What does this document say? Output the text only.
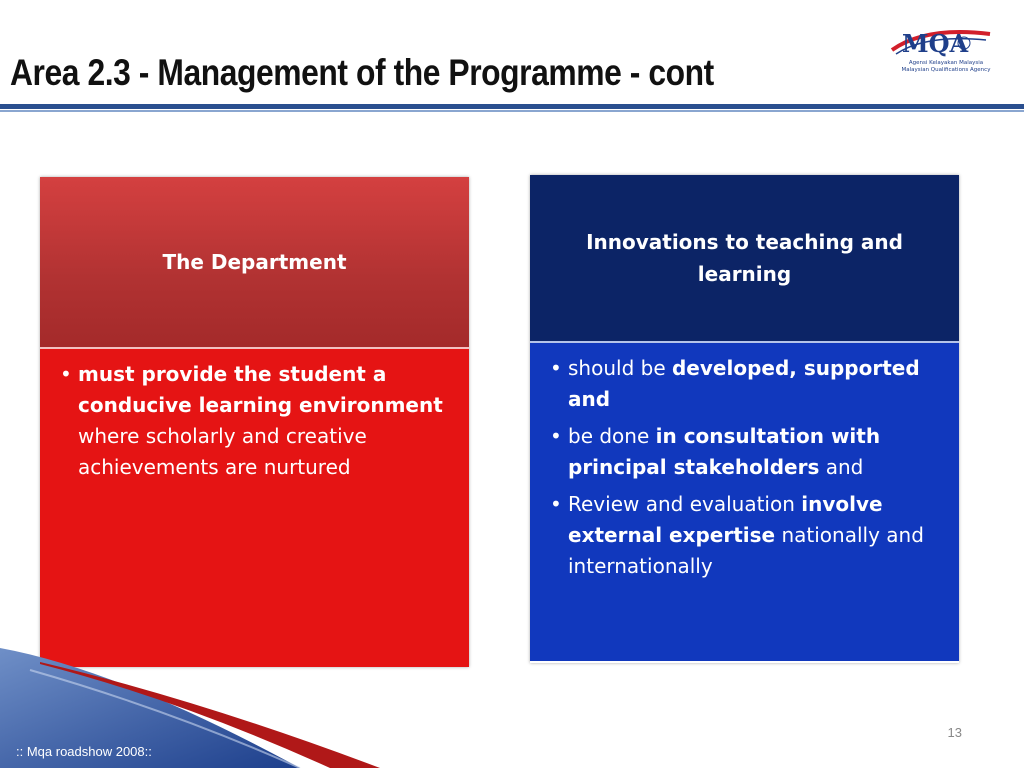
Area 2.3 - Management of the Programme - cont
MQA
Agensi Kelayakan Malaysia
Malaysian Qualifications Agency
The Department
• must provide the student a conducive learning environment where scholarly and creative achievements are nurtured
Innovations to teaching and learning
• should be developed, supported and
• be done in consultation with principal stakeholders and
• Review and evaluation involve external expertise nationally and internationally
:: Mqa roadshow 2008::
13
